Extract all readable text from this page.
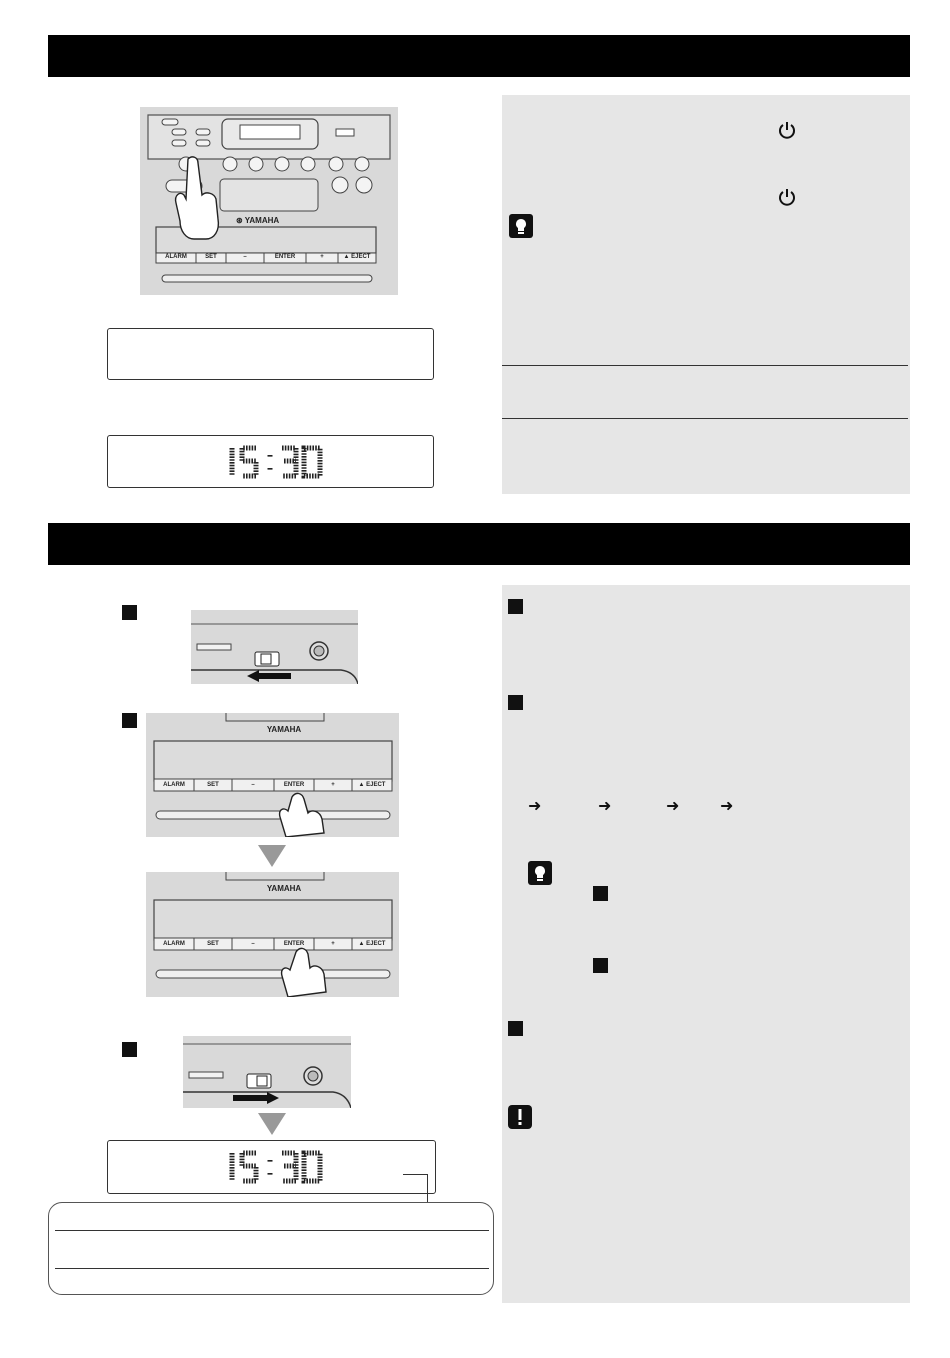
⊛ YAMAHA
ALARM	SET	–	ENTER	+	▲ EJECT
YAMAHA
ALARM	SET	–	ENTER	+	▲ EJECT
YAMAHA
ALARM	SET	–	ENTER	+	▲ EJECT
➜	➜	➜	➜
